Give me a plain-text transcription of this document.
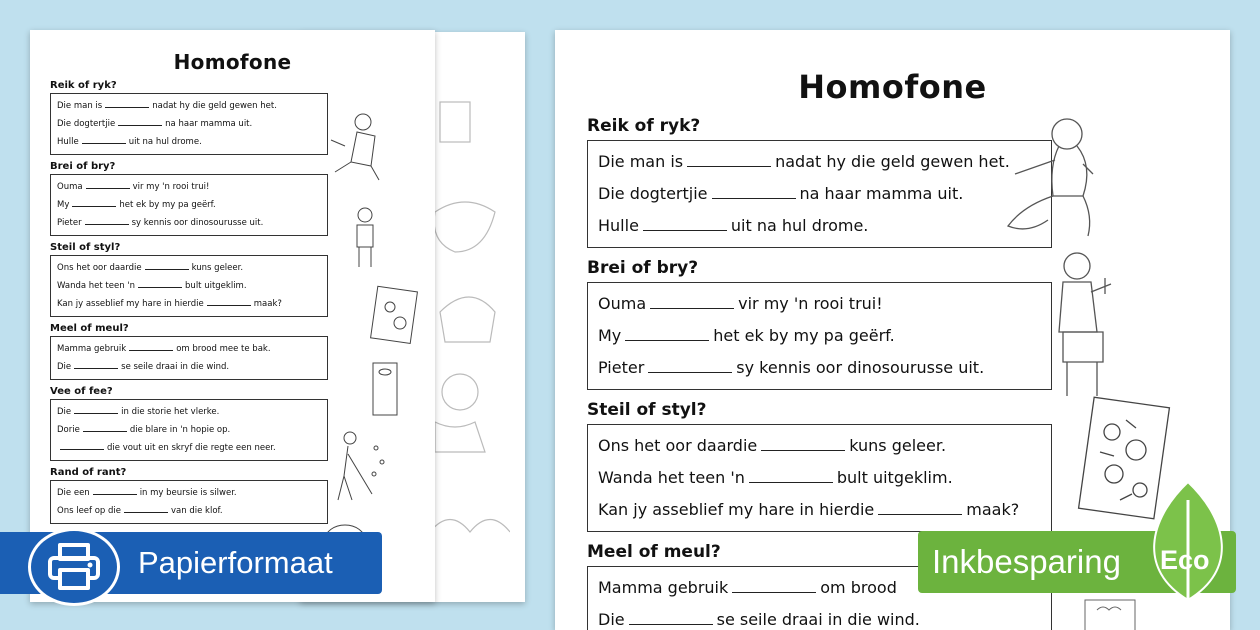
Homofone
Reik of ryk?
Die man is	nadat hy die geld gewen het.
Die dogtertjie	na haar mamma uit.
Hulle	uit na hul drome.
Brei of bry?
Ouma	vir my 'n rooi trui!
My	het ek by my pa geërf.
Pieter	sy kennis oor dinosourusse uit.
Steil of styl?
Ons het oor daardie	kuns geleer.
Wanda het teen 'n	bult uitgeklim.
Kan jy asseblief my hare in hierdie	maak?
Meel of meul?
Mamma gebruik	om brood mee te bak.
Die	se seile draai in die wind.
Vee of fee?
Die	in die storie het vlerke.
Dorie	die blare in 'n hopie op.
die vout uit en skryf die regte een neer.
Rand of rant?
Die een	in my beursie is silwer.
Ons leef op die	van die klof.
Homofone
Reik of ryk?
Die man is	nadat hy die geld gewen het.
Die dogtertjie	na haar mamma uit.
Hulle	uit na hul drome.
Brei of bry?
Ouma	vir my 'n rooi trui!
My	het ek by my pa geërf.
Pieter	sy kennis oor dinosourusse uit.
Steil of styl?
Ons het oor daardie	kuns geleer.
Wanda het teen 'n	bult uitgeklim.
Kan jy asseblief my hare in hierdie	maak?
Meel of meul?
Mamma gebruik	om brood
Die	se seile draai in die wind.
Papierformaat	Inkbesparing Eco
